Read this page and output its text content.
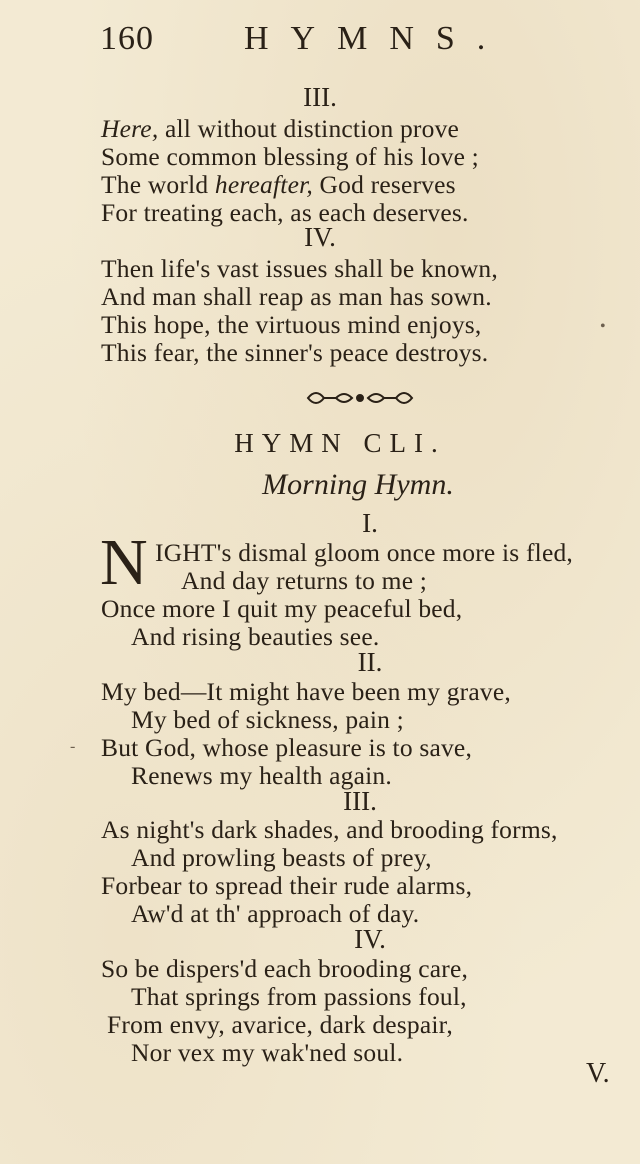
160	HYMNS.
III.
Here, all without distinction prove
Some common blessing of his love ;
The world hereafter, God reserves
For treating each, as each deserves.
IV.
Then life's vast issues shall be known,
And man shall reap as man has sown.
This hope, the virtuous mind enjoys,
This fear, the sinner's peace destroys.
HYMN CLI.
Morning Hymn.
I.
N IGHT's dismal gloom once more is fled,
And day returns to me ;
Once more I quit my peaceful bed,
And rising beauties see.
II.
My bed—It might have been my grave,
My bed of sickness, pain ;
But God, whose pleasure is to save,
Renews my health again.
III.
As night's dark shades, and brooding forms,
And prowling beasts of prey,
Forbear to spread their rude alarms,
Aw'd at th' approach of day.
IV.
So be dispers'd each brooding care,
That springs from passions foul,
From envy, avarice, dark despair,
Nor vex my wak'ned soul.
V.
•
-
